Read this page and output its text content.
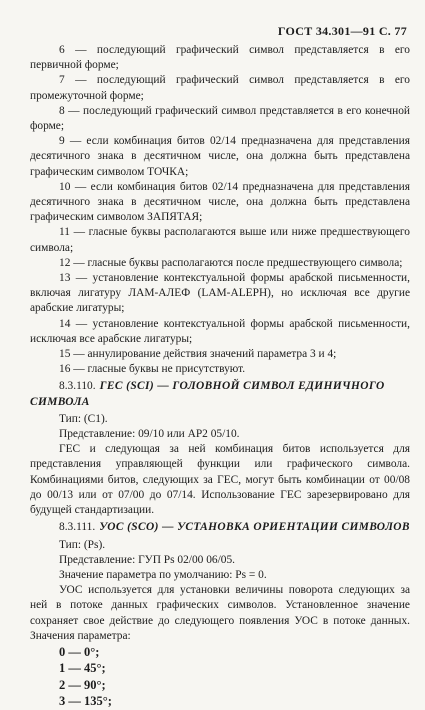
ГОСТ 34.301—91 С. 77

6 — последующий графический символ представляется в его первичной форме;

7 — последующий графический символ представляется в его промежуточной форме;

8 — последующий графический символ представляется в его конечной форме;

9 — если комбинация битов 02/14 предназначена для представления десятичного знака в десятичном числе, она должна быть представлена графическим символом ТОЧКА;

10 — если комбинация битов 02/14 предназначена для представления десятичного знака в десятичном числе, она должна быть представлена графическим символом ЗАПЯТАЯ;

11 — гласные буквы располагаются выше или ниже предшествующего символа;

12 — гласные буквы располагаются после предшествующего символа;

13 — установление контекстуальной формы арабской письменности, включая лигатуру ЛАМ-АЛЕФ (LAM-ALEPH), но исключая все другие арабские лигатуры;

14 — установление контекстуальной формы арабской письменности, исключая все арабские лигатуры;

15 — аннулирование действия значений параметра 3 и 4;

16 — гласные буквы не присутствуют.

8.3.110. ГЕС (SCI) — ГОЛОВНОЙ СИМВОЛ ЕДИНИЧНОГО СИМВОЛА

Тип: (C1).

Представление: 09/10 или AP2 05/10.

ГЕС и следующая за ней комбинация битов используется для представления управляющей функции или графического символа. Комбинациями битов, следующих за ГЕС, могут быть комбинации от 00/08 до 00/13 или от 07/00 до 07/14. Использование ГЕС зарезервировано для будущей стандартизации.

8.3.111. УОС (SCO) — УСТАНОВКА ОРИЕНТАЦИИ СИМВОЛОВ

Тип: (Ps).

Представление: ГУП Ps 02/00 06/05.

Значение параметра по умолчанию: Ps = 0.

УОС используется для установки величины поворота следующих за ней в потоке данных графических символов. Установленное значение сохраняет свое действие до следующего появления УОС в потоке данных. Значения параметра:

0 — 0°;
1 — 45°;
2 — 90°;
3 — 135°;
